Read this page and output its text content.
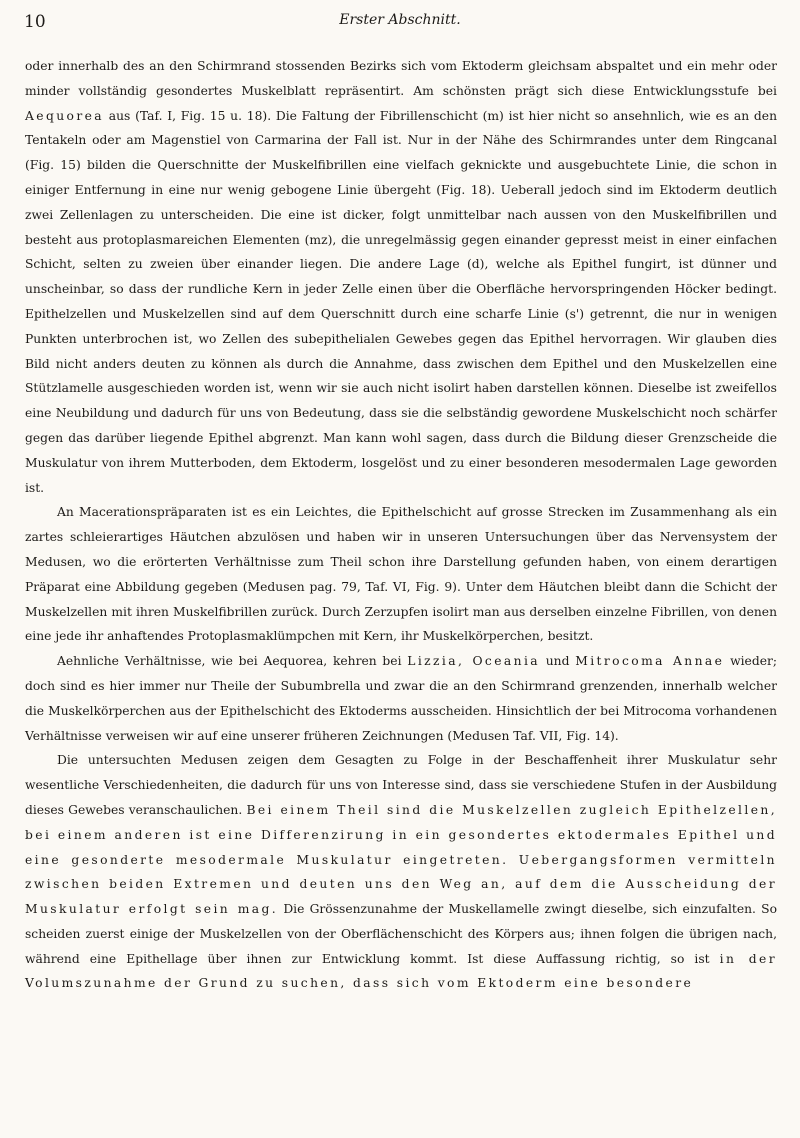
10	Erster Abschnitt.

oder innerhalb des an den Schirmrand stossenden Bezirks sich vom Ektoderm gleichsam abspaltet und ein mehr oder minder vollständig gesondertes Muskelblatt repräsentirt. Am schönsten prägt sich diese Entwicklungsstufe bei Aequorea aus (Taf. I, Fig. 15 u. 18). Die Faltung der Fibrillenschicht (m) ist hier nicht so ansehnlich, wie es an den Tentakeln oder am Magenstiel von Carmarina der Fall ist. Nur in der Nähe des Schirmrandes unter dem Ringcanal (Fig. 15) bilden die Querschnitte der Muskelfibrillen eine vielfach geknickte und ausgebuchtete Linie, die schon in einiger Entfernung in eine nur wenig gebogene Linie übergeht (Fig. 18). Ueberall jedoch sind im Ektoderm deutlich zwei Zellenlagen zu unterscheiden. Die eine ist dicker, folgt unmittelbar nach aussen von den Muskelfibrillen und besteht aus protoplasmareichen Elementen (mz), die unregelmässig gegen einander gepresst meist in einer einfachen Schicht, selten zu zweien über einander liegen. Die andere Lage (d), welche als Epithel fungirt, ist dünner und unscheinbar, so dass der rundliche Kern in jeder Zelle einen über die Oberfläche hervorspringenden Höcker bedingt. Epithelzellen und Muskelzellen sind auf dem Querschnitt durch eine scharfe Linie (s') getrennt, die nur in wenigen Punkten unterbrochen ist, wo Zellen des subepithelialen Gewebes gegen das Epithel hervorragen. Wir glauben dies Bild nicht anders deuten zu können als durch die Annahme, dass zwischen dem Epithel und den Muskelzellen eine Stützlamelle ausgeschieden worden ist, wenn wir sie auch nicht isolirt haben darstellen können. Dieselbe ist zweifellos eine Neubildung und dadurch für uns von Bedeutung, dass sie die selbständig gewordene Muskelschicht noch schärfer gegen das darüber liegende Epithel abgrenzt. Man kann wohl sagen, dass durch die Bildung dieser Grenzscheide die Muskulatur von ihrem Mutterboden, dem Ektoderm, losgelöst und zu einer besonderen mesodermalen Lage geworden ist.

An Macerationspräparaten ist es ein Leichtes, die Epithelschicht auf grosse Strecken im Zusammenhang als ein zartes schleierartiges Häutchen abzulösen und haben wir in unseren Untersuchungen über das Nervensystem der Medusen, wo die erörterten Verhältnisse zum Theil schon ihre Darstellung gefunden haben, von einem derartigen Präparat eine Abbildung gegeben (Medusen pag. 79, Taf. VI, Fig. 9). Unter dem Häutchen bleibt dann die Schicht der Muskelzellen mit ihren Muskelfibrillen zurück. Durch Zerzupfen isolirt man aus derselben einzelne Fibrillen, von denen eine jede ihr anhaftendes Protoplasmaklümpchen mit Kern, ihr Muskelkörperchen, besitzt.

Aehnliche Verhältnisse, wie bei Aequorea, kehren bei Lizzia, Oceania und Mitrocoma Annae wieder; doch sind es hier immer nur Theile der Subumbrella und zwar die an den Schirmrand grenzenden, innerhalb welcher die Muskelkörperchen aus der Epithelschicht des Ektoderms ausscheiden. Hinsichtlich der bei Mitrocoma vorhandenen Verhältnisse verweisen wir auf eine unserer früheren Zeichnungen (Medusen Taf. VII, Fig. 14).

Die untersuchten Medusen zeigen dem Gesagten zu Folge in der Beschaffenheit ihrer Muskulatur sehr wesentliche Verschiedenheiten, die dadurch für uns von Interesse sind, dass sie verschiedene Stufen in der Ausbildung dieses Gewebes veranschaulichen. Bei einem Theil sind die Muskelzellen zugleich Epithelzellen, bei einem anderen ist eine Differenzirung in ein gesondertes ektodermales Epithel und eine gesonderte mesodermale Muskulatur eingetreten. Uebergangsformen vermitteln zwischen beiden Extremen und deuten uns den Weg an, auf dem die Ausscheidung der Muskulatur erfolgt sein mag. Die Grössenzunahme der Muskellamelle zwingt dieselbe, sich einzufalten. So scheiden zuerst einige der Muskelzellen von der Oberflächenschicht des Körpers aus; ihnen folgen die übrigen nach, während eine Epithellage über ihnen zur Entwicklung kommt. Ist diese Auffassung richtig, so ist in der Volumszunahme der Grund zu suchen, dass sich vom Ektoderm eine besondere
